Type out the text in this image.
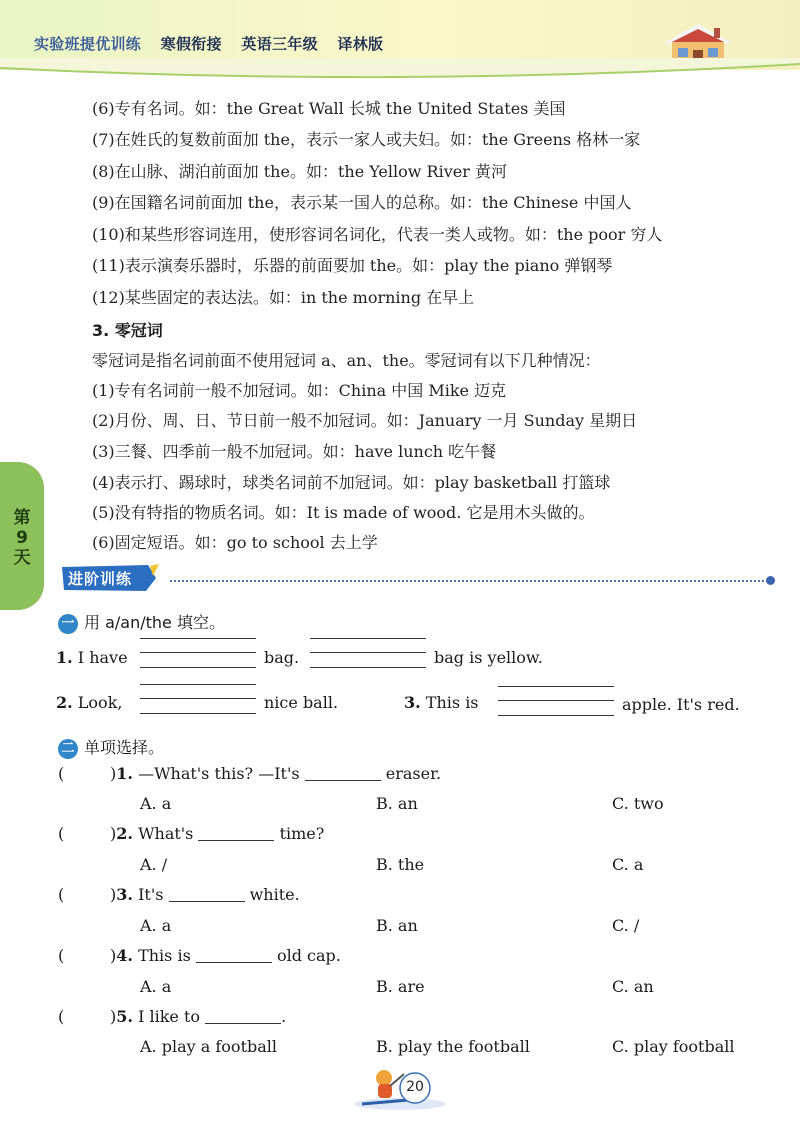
实验班提优训练 寒假衔接 英语三年级 译林版
第
9
天
(6)专有名词。如：the Great Wall 长城 the United States 美国
(7)在姓氏的复数前面加 the，表示一家人或夫妇。如：the Greens 格林一家
(8)在山脉、湖泊前面加 the。如：the Yellow River 黄河
(9)在国籍名词前面加 the，表示某一国人的总称。如：the Chinese 中国人
(10)和某些形容词连用，使形容词名词化，代表一类人或物。如：the poor 穷人
(11)表示演奏乐器时，乐器的前面要加 the。如：play the piano 弹钢琴
(12)某些固定的表达法。如：in the morning 在早上
3. 零冠词
零冠词是指名词前面不使用冠词 a、an、the。零冠词有以下几种情况：
(1)专有名词前一般不加冠词。如：China 中国 Mike 迈克
(2)月份、周、日、节日前一般不加冠词。如：January 一月 Sunday 星期日
(3)三餐、四季前一般不加冠词。如：have lunch 吃午餐
(4)表示打、踢球时，球类名词前不加冠词。如：play basketball 打篮球
(5)没有特指的物质名词。如：It is made of wood. 它是用木头做的。
(6)固定短语。如：go to school 去上学
进阶训练
一 用 a/an/the 填空。
1. I have	bag.	bag is yellow.
2. Look,	nice ball.	3. This is	apple. It's red.
二 单项选择。
(         )1. —What's this? —It's	eraser.
A. a	B. an	C. two
(         )2. What's	time?
A. /	B. the	C. a
(         )3. It's	white.
A. a	B. an	C. /
(         )4. This is	old cap.
A. a	B. are	C. an
(         )5. I like to	.
A. play a football	B. play the football	C. play football
20
